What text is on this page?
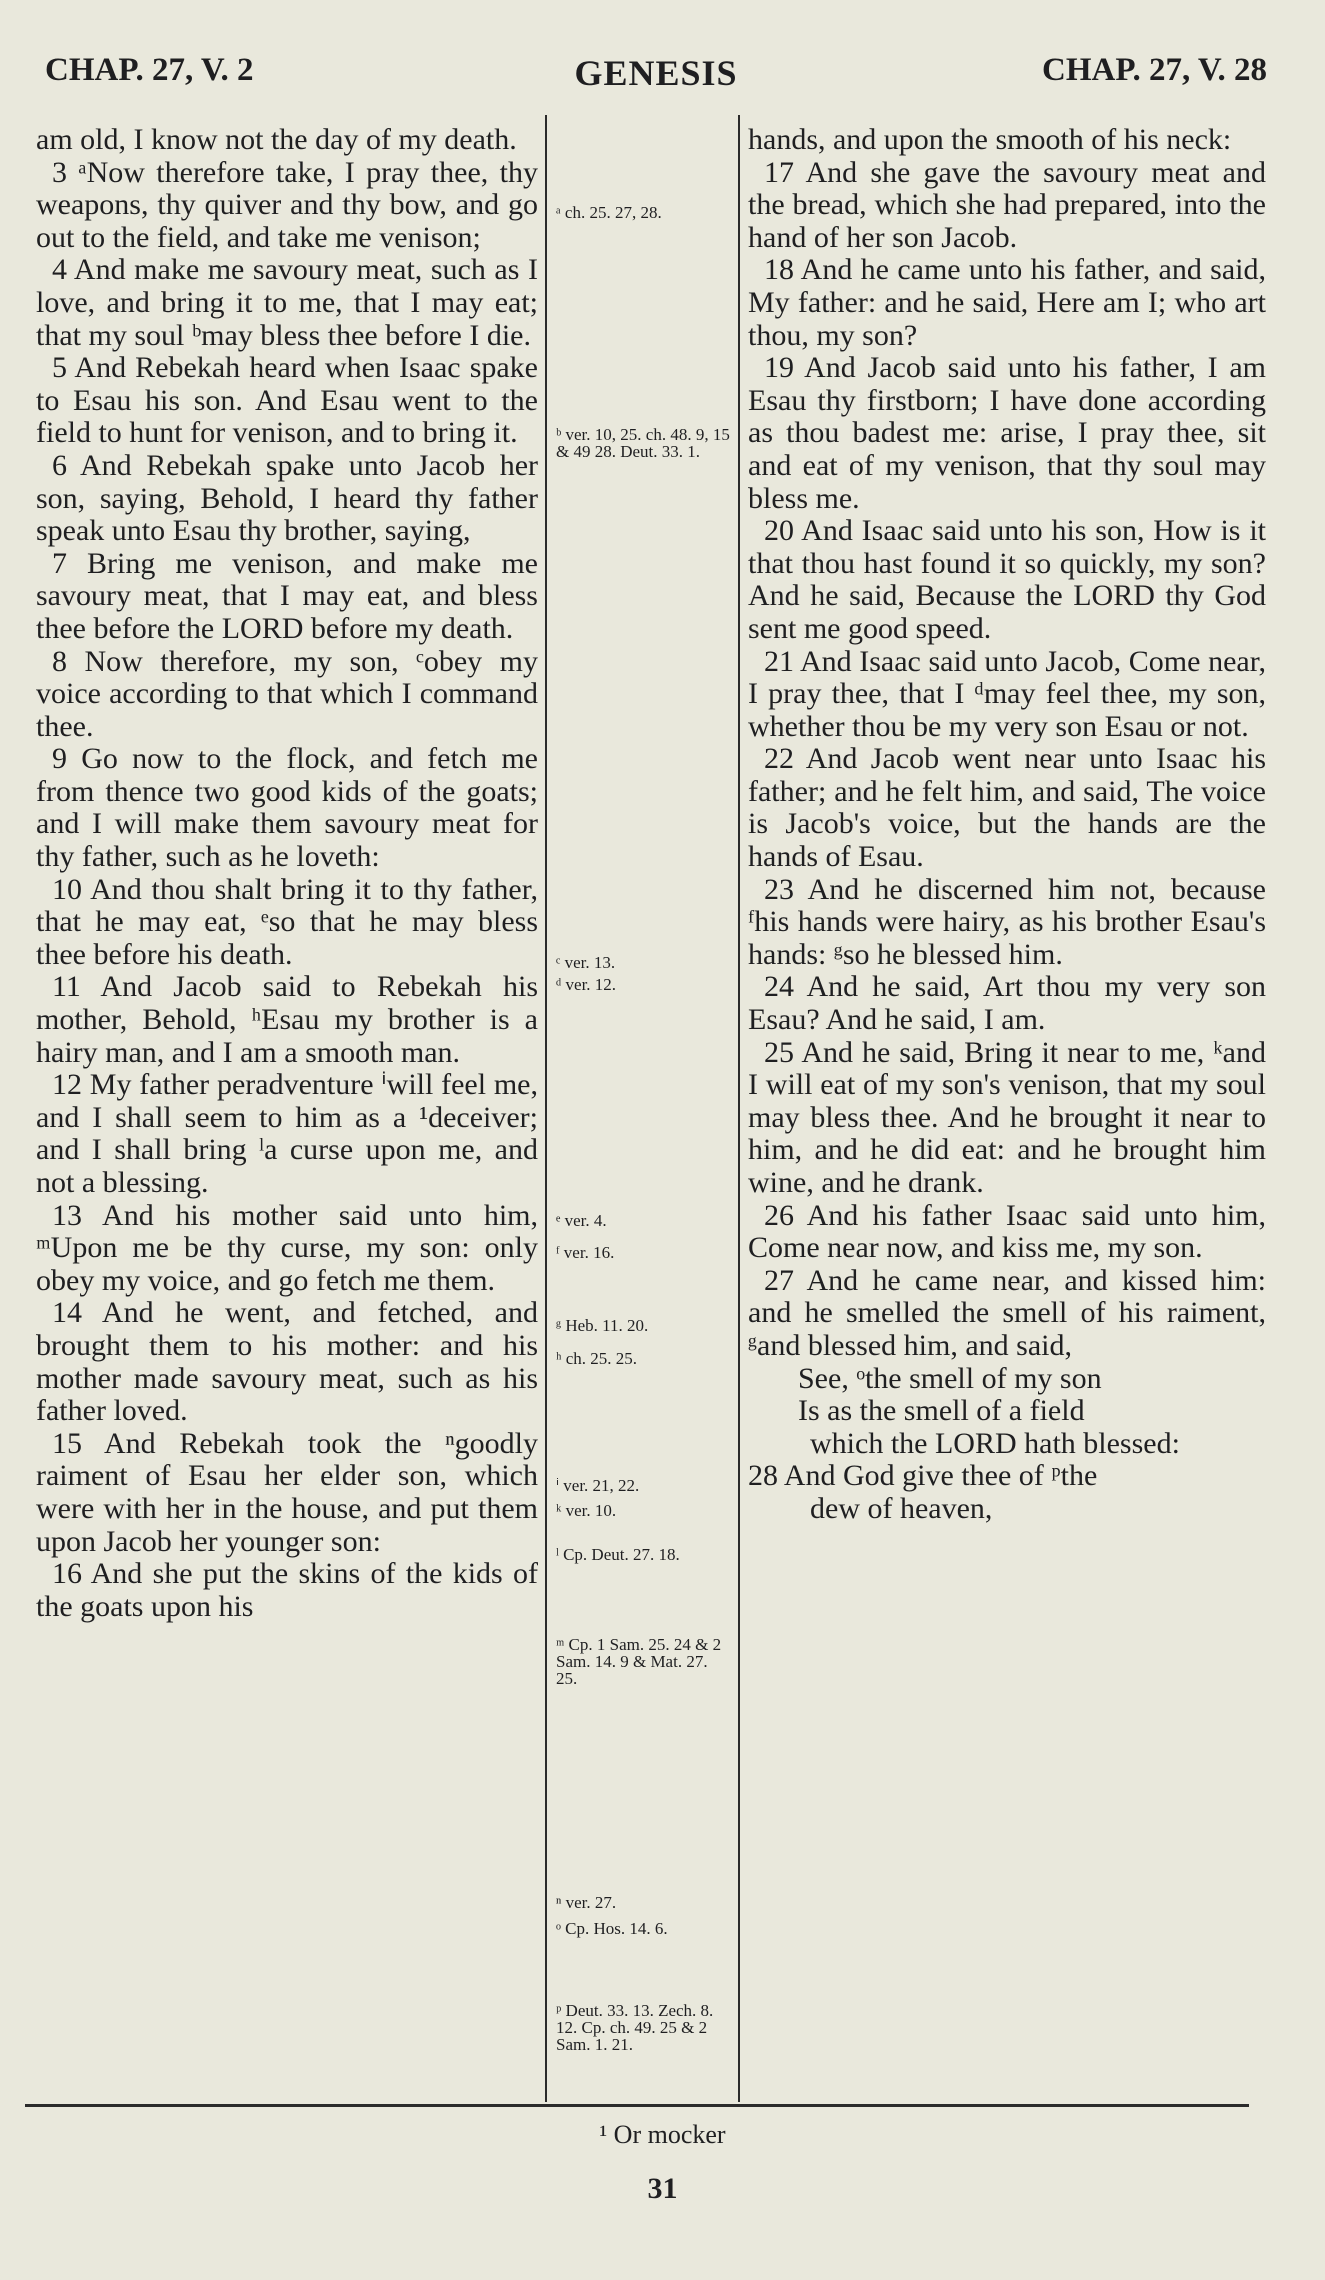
CHAP. 27, V. 2	GENESIS	CHAP. 27, V. 28

am old, I know not the day of my death.

3 ᵃNow therefore take, I pray thee, thy weapons, thy quiver and thy bow, and go out to the field, and take me venison;

4 And make me savoury meat, such as I love, and bring it to me, that I may eat; that my soul ᵇmay bless thee before I die.

5 And Rebekah heard when Isaac spake to Esau his son. And Esau went to the field to hunt for venison, and to bring it.

6 And Rebekah spake unto Jacob her son, saying, Behold, I heard thy father speak unto Esau thy brother, saying,

7 Bring me venison, and make me savoury meat, that I may eat, and bless thee before the LORD before my death.

8 Now therefore, my son, ᶜobey my voice according to that which I command thee.

9 Go now to the flock, and fetch me from thence two good kids of the goats; and I will make them savoury meat for thy father, such as he loveth:

10 And thou shalt bring it to thy father, that he may eat, ᵉso that he may bless thee before his death.

11 And Jacob said to Rebekah his mother, Behold, ʰEsau my brother is a hairy man, and I am a smooth man.

12 My father peradventure ⁱwill feel me, and I shall seem to him as a ¹deceiver; and I shall bring ˡa curse upon me, and not a blessing.

13 And his mother said unto him, ᵐUpon me be thy curse, my son: only obey my voice, and go fetch me them.

14 And he went, and fetched, and brought them to his mother: and his mother made savoury meat, such as his father loved.

15 And Rebekah took the ⁿgoodly raiment of Esau her elder son, which were with her in the house, and put them upon Jacob her younger son:

16 And she put the skins of the kids of the goats upon his

ᵃ ch. 25. 27, 28.
ᵇ ver. 10, 25. ch. 48. 9, 15 & 49 28. Deut. 33. 1.
ᶜ ver. 13.
ᵈ ver. 12.
ᵉ ver. 4.
ᶠ ver. 16.
ᵍ Heb. 11. 20.
ʰ ch. 25. 25.
ⁱ ver. 21, 22.
ᵏ ver. 10.
ˡ Cp. Deut. 27. 18.
ᵐ Cp. 1 Sam. 25. 24 & 2 Sam. 14. 9 & Mat. 27. 25.
ⁿ ver. 27.
ᵒ Cp. Hos. 14. 6.
ᵖ Deut. 33. 13. Zech. 8. 12. Cp. ch. 49. 25 & 2 Sam. 1. 21.

hands, and upon the smooth of his neck:

17 And she gave the savoury meat and the bread, which she had prepared, into the hand of her son Jacob.

18 And he came unto his father, and said, My father: and he said, Here am I; who art thou, my son?

19 And Jacob said unto his father, I am Esau thy firstborn; I have done according as thou badest me: arise, I pray thee, sit and eat of my venison, that thy soul may bless me.

20 And Isaac said unto his son, How is it that thou hast found it so quickly, my son? And he said, Because the LORD thy God sent me good speed.

21 And Isaac said unto Jacob, Come near, I pray thee, that I ᵈmay feel thee, my son, whether thou be my very son Esau or not.

22 And Jacob went near unto Isaac his father; and he felt him, and said, The voice is Jacob's voice, but the hands are the hands of Esau.

23 And he discerned him not, because ᶠhis hands were hairy, as his brother Esau's hands: ᵍso he blessed him.

24 And he said, Art thou my very son Esau? And he said, I am.

25 And he said, Bring it near to me, ᵏand I will eat of my son's venison, that my soul may bless thee. And he brought it near to him, and he did eat: and he brought him wine, and he drank.

26 And his father Isaac said unto him, Come near now, and kiss me, my son.

27 And he came near, and kissed him: and he smelled the smell of his raiment, ᵍand blessed him, and said,

See, ᵒthe smell of my son

Is as the smell of a field

which the LORD hath blessed:

28 And God give thee of ᵖthe

dew of heaven,

¹ Or mocker
31
